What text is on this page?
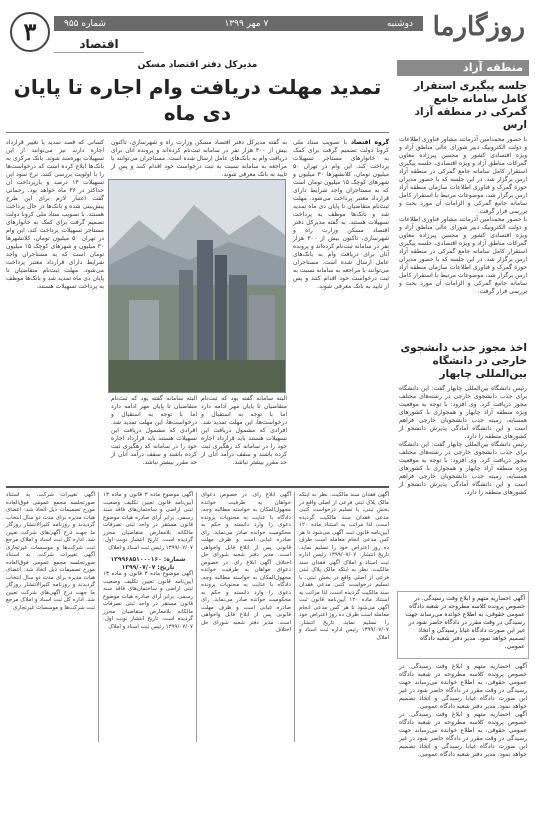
روزگارما
دوشنبه
۷ مهر ۱۳۹۹
شماره ۹۵۵
اقتصاد
۳
منطقه آزاد
جلسه پیگیری استقرار کامل سامانه جامع گمرکی در منطقه آزاد ارس

با حضور محمدامین آذرمانند مشاور فناوری اطلاعات و دولت الکترونیک دبیر شورای عالی مناطق آزاد و ویژه اقتصادی کشور و محسن پیرزاده معاون گمرکات مناطق آزاد و ویژه اقتصادی، جلسه پیگیری استقرار کامل سامانه جامع گمرکی در منطقه آزاد ارس برگزار شد. در این جلسه که با حضور مدیران حوزه گمرک و فناوری اطلاعات سازمان منطقه آزاد ارس برگزار شد، موضوعات مرتبط با استقرار کامل سامانه جامع گمرکی و الزامات آن مورد بحث و بررسی قرار گرفت.

با حضور محمدامین آذرمانند مشاور فناوری اطلاعات و دولت الکترونیک دبیر شورای عالی مناطق آزاد و ویژه اقتصادی کشور و محسن پیرزاده معاون گمرکات مناطق آزاد و ویژه اقتصادی، جلسه پیگیری استقرار کامل سامانه جامع گمرکی در منطقه آزاد ارس برگزار شد. در این جلسه که با حضور مدیران حوزه گمرک و فناوری اطلاعات سازمان منطقه آزاد ارس برگزار شد، موضوعات مرتبط با استقرار کامل سامانه جامع گمرکی و الزامات آن مورد بحث و بررسی قرار گرفت.

اخذ مجوز جذب دانشجوی خارجی در دانشگاه بین‌المللی چابهار

رئیس دانشگاه بین‌المللی چابهار گفت: این دانشگاه برای جذب دانشجوی خارجی در رشته‌های مختلف مجوز دریافت کرد. وی افزود: با توجه به موقعیت ویژه منطقه آزاد چابهار و همجواری با کشورهای همسایه، زمینه جذب دانشجویان خارجی فراهم است و این دانشگاه آمادگی پذیرش دانشجو از کشورهای منطقه را دارد.

رئیس دانشگاه بین‌المللی چابهار گفت: این دانشگاه برای جذب دانشجوی خارجی در رشته‌های مختلف مجوز دریافت کرد. وی افزود: با توجه به موقعیت ویژه منطقه آزاد چابهار و همجواری با کشورهای همسایه، زمینه جذب دانشجویان خارجی فراهم است و این دانشگاه آمادگی پذیرش دانشجو از کشورهای منطقه را دارد.

آگهی احضاریه متهم و ابلاغ وقت رسیدگی. در خصوص پرونده کلاسه مطروحه در شعبه دادگاه عمومی حقوقی، به اطلاع خوانده می‌رساند جهت رسیدگی در وقت مقرر در دادگاه حاضر شود در غیر این صورت دادگاه غیابا رسیدگی و اتخاذ تصمیم خواهد نمود. مدیر دفتر شعبه دادگاه عمومی.

آگهی احضاریه متهم و ابلاغ وقت رسیدگی. در خصوص پرونده کلاسه مطروحه در شعبه دادگاه عمومی حقوقی، به اطلاع خوانده می‌رساند جهت رسیدگی در وقت مقرر در دادگاه حاضر شود در غیر این صورت دادگاه غیابا رسیدگی و اتخاذ تصمیم خواهد نمود. مدیر دفتر شعبه دادگاه عمومی.

آگهی احضاریه متهم و ابلاغ وقت رسیدگی. در خصوص پرونده کلاسه مطروحه در شعبه دادگاه عمومی حقوقی، به اطلاع خوانده می‌رساند جهت رسیدگی در وقت مقرر در دادگاه حاضر شود در غیر این صورت دادگاه غیابا رسیدگی و اتخاذ تصمیم خواهد نمود. مدیر دفتر شعبه دادگاه عمومی.

مدیرکل دفتر اقتصاد مسکن
تمدید مهلت دریافت وام اجاره تا پایان دی ماه
گروه اقتصاد با تصویب ستاد ملی کرونا دولت تصمیم گرفت برای کمک به خانوارهای مستاجر تسهیلات پرداخت کند. این وام در تهران ۵۰ میلیون تومان، کلانشهرها ۳۰ میلیون و شهرهای کوچک ۱۵ میلیون تومان است که به مستاجران واجد شرایط دارای قرارداد معتبر پرداخت می‌شود. مهلت ثبت‌نام متقاضیان تا پایان دی ماه تمدید شد و بانک‌ها موظف به پرداخت تسهیلات هستند. به گفته مدیرکل دفتر اقتصاد مسکن وزارت راه و شهرسازی، تاکنون بیش از ۳۰۰ هزار نفر در سامانه ثبت‌نام کرده‌اند و پرونده آنان برای دریافت وام به بانک‌های عامل ارسال شده است. مستاجران می‌توانند با مراجعه به سامانه نسبت به ثبت درخواست خود اقدام کنند و پس از تایید به بانک معرفی شوند.
به گفته مدیرکل دفتر اقتصاد مسکن وزارت راه و شهرسازی، تاکنون بیش از ۳۰۰ هزار نفر در سامانه ثبت‌نام کرده‌اند و پرونده آنان برای دریافت وام به بانک‌های عامل ارسال شده است. مستاجران می‌توانند با مراجعه به سامانه نسبت به ثبت درخواست خود اقدام کنند و پس از تایید به بانک معرفی شوند.
البته سامانه گفته بود که ثبت‌نام متقاضیان تا پایان مهر ادامه دارد اما با توجه به استقبال و درخواست‌ها، این مهلت تمدید شد. افرادی که مشمول دریافت این تسهیلات هستند باید قرارداد اجاره خود را در سامانه کد رهگیری ثبت کرده باشند و سقف درآمد آنان از حد مقرر بیشتر نباشد.
البته سامانه گفته بود که ثبت‌نام متقاضیان تا پایان مهر ادامه دارد اما با توجه به استقبال و درخواست‌ها، این مهلت تمدید شد. افرادی که مشمول دریافت این تسهیلات هستند باید قرارداد اجاره خود را در سامانه کد رهگیری ثبت کرده باشند و سقف درآمد آنان از حد مقرر بیشتر نباشد.
کسانی که قصد تمدید یا تغییر قرارداد اجاره دارند نیز می‌توانند از این تسهیلات بهره‌مند شوند. بانک مرکزی به بانک‌ها ابلاغ کرده است که درخواست‌ها را با اولویت بررسی کنند. نرخ سود این تسهیلات ۱۳ درصد و بازپرداخت آن حداکثر در ۳۶ ماه خواهد بود. رحمانی گفت اعتبار لازم برای این طرح پیش‌بینی شده و بانک‌ها در حال پرداخت هستند. با تصویب ستاد ملی کرونا دولت تصمیم گرفت برای کمک به خانوارهای مستاجر تسهیلات پرداخت کند. این وام در تهران ۵۰ میلیون تومان، کلانشهرها ۳۰ میلیون و شهرهای کوچک ۱۵ میلیون تومان است که به مستاجران واجد شرایط دارای قرارداد معتبر پرداخت می‌شود. مهلت ثبت‌نام متقاضیان تا پایان دی ماه تمدید شد و بانک‌ها موظف به پرداخت تسهیلات هستند.
آگهی فقدان سند مالکیت. نظر به اینکه مالک پلاک ثبتی فرعی از اصلی واقع در بخش ثبتی، با تسلیم درخواست کتبی مدعی فقدان سند مالکیت گردیده است، لذا مراتب به استناد ماده ۱۲۰ آیین‌نامه قانون ثبت آگهی می‌شود تا هر کس مدعی انجام معامله است ظرف ده روز اعتراض خود را تسلیم نماید. تاریخ انتشار: ۱۳۹۹/۰۷/۰۷ رئیس اداره ثبت اسناد و املاک آگهی فقدان سند مالکیت. نظر به اینکه مالک پلاک ثبتی فرعی از اصلی واقع در بخش ثبتی، با تسلیم درخواست کتبی مدعی فقدان سند مالکیت گردیده است، لذا مراتب به استناد ماده ۱۲۰ آیین‌نامه قانون ثبت آگهی می‌شود تا هر کس مدعی انجام معامله است ظرف ده روز اعتراض خود را تسلیم نماید. تاریخ انتشار: ۱۳۹۹/۰۷/۰۷ رئیس اداره ثبت اسناد و املاک
آگهی ابلاغ رای. در خصوص دعوای خواهان به طرفیت خوانده مجهول‌المکان به خواسته مطالبه وجه، دادگاه با عنایت به محتویات پرونده دعوی را وارد دانسته و حکم به محکومیت خوانده صادر می‌نماید. رای صادره غیابی است و ظرف مهلت قانونی پس از ابلاغ قابل واخواهی است. مدیر دفتر شعبه شورای حل اختلاف آگهی ابلاغ رای. در خصوص دعوای خواهان به طرفیت خوانده مجهول‌المکان به خواسته مطالبه وجه، دادگاه با عنایت به محتویات پرونده دعوی را وارد دانسته و حکم به محکومیت خوانده صادر می‌نماید. رای صادره غیابی است و ظرف مهلت قانونی پس از ابلاغ قابل واخواهی است. مدیر دفتر شعبه شورای حل اختلاف
آگهی موضوع ماده ۳ قانون و ماده ۱۳ آیین‌نامه قانون تعیین تکلیف وضعیت ثبتی اراضی و ساختمان‌های فاقد سند رسمی. برابر آرای صادره هیات موضوع قانون مستقر در واحد ثبتی تصرفات مالکانه بلامعارض متقاضیان محرز گردیده است. تاریخ انتشار نوبت اول: ۱۳۹۹/۰۷/۰۷ رئیس ثبت اسناد و املاک
شماره: ۱۳۹۹۶۸۵۱۰۰۰۱۶۰ تاریخ: ۱۳۹۹/۰۷/۰۷
آگهی موضوع ماده ۳ قانون و ماده ۱۳ آیین‌نامه قانون تعیین تکلیف وضعیت ثبتی اراضی و ساختمان‌های فاقد سند رسمی. برابر آرای صادره هیات موضوع قانون مستقر در واحد ثبتی تصرفات مالکانه بلامعارض متقاضیان محرز گردیده است. تاریخ انتشار نوبت اول: ۱۳۹۹/۰۷/۰۷ رئیس ثبت اسناد و املاک
آگهی تغییرات شرکت. به استناد صورتجلسه مجمع عمومی فوق‌العاده مورخ تصمیمات ذیل اتخاذ شد: اعضای هیات مدیره برای مدت دو سال انتخاب گردیدند و روزنامه کثیرالانتشار روزگار ما جهت درج آگهی‌های شرکت تعیین شد. اداره کل ثبت اسناد و املاک مرجع ثبت شرکت‌ها و موسسات غیرتجاری آگهی تغییرات شرکت. به استناد صورتجلسه مجمع عمومی فوق‌العاده مورخ تصمیمات ذیل اتخاذ شد: اعضای هیات مدیره برای مدت دو سال انتخاب گردیدند و روزنامه کثیرالانتشار روزگار ما جهت درج آگهی‌های شرکت تعیین شد. اداره کل ثبت اسناد و املاک مرجع ثبت شرکت‌ها و موسسات غیرتجاری
